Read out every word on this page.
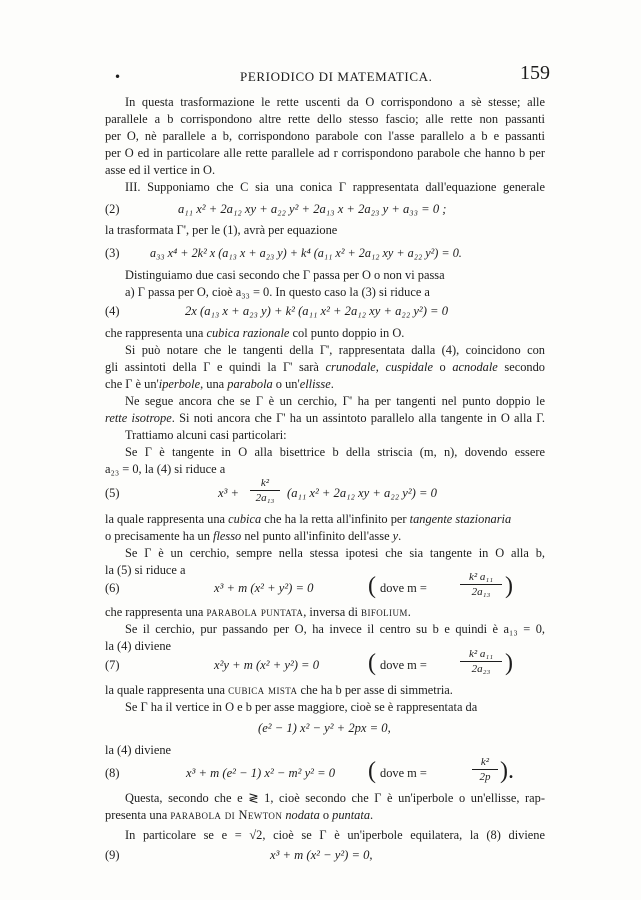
•	PERIODICO DI MATEMATICA.	159
In questa trasformazione le rette uscenti da O corrispondono a sè stesse; alle
parallele a b corrispondono altre rette dello stesso fascio; alle rette non passanti
per O, nè parallele a b, corrispondono parabole con l'asse parallelo a b e passanti
per O ed in particolare alle rette parallele ad r corrispondono parabole che hanno b per
asse ed il vertice in O.
III. Supponiamo che C sia una conica Γ rappresentata dall'equazione generale
(2)	a₁₁ x² + 2a₁₂ xy + a₂₂ y² + 2a₁₃ x + 2a₂₃ y + a₃₃ = 0 ;
la trasformata Γ', per le (1), avrà per equazione
(3)	a₃₃ x⁴ + 2k² x (a₁₃ x + a₂₃ y) + k⁴ (a₁₁ x² + 2a₁₂ xy + a₂₂ y²) = 0.
Distinguiamo due casi secondo che Γ passa per O o non vi passa
a) Γ passa per O, cioè a₃₃ = 0. In questo caso la (3) si riduce a
(4)	2x (a₁₃ x + a₂₃ y) + k² (a₁₁ x² + 2a₁₂ xy + a₂₂ y²) = 0
che rappresenta una cubica razionale col punto doppio in O.
Si può notare che le tangenti della Γ', rappresentata dalla (4), coincidono con
gli assintoti della Γ e quindi la Γ' sarà crunodale, cuspidale o acnodale secondo
che Γ è un'iperbole, una parabola o un'ellisse.
Ne segue ancora che se Γ è un cerchio, Γ' ha per tangenti nel punto doppio le
rette isotrope. Si noti ancora che Γ' ha un assintoto parallelo alla tangente in O alla Γ.
Trattiamo alcuni casi particolari:
Se Γ è tangente in O alla bisettrice b della striscia (m, n), dovendo essere
a₂₃ = 0, la (4) si riduce a
(5)	x³ +
k²
2a₁₃	(a₁₁ x² + 2a₁₂ xy + a₂₂ y²) = 0
la quale rappresenta una cubica che ha la retta all'infinito per tangente stazionaria
o precisamente ha un flesso nel punto all'infinito dell'asse y.
Se Γ è un cerchio, sempre nella stessa ipotesi che sia tangente in O alla b,
la (5) si riduce a
(6)	x³ + m (x² + y²) = 0 ( dove m =
k² a₁₁
2a₁₃ )
che rappresenta una parabola puntata, inversa di bifolium.
Se il cerchio, pur passando per O, ha invece il centro su b e quindi è a₁₃ = 0,
la (4) diviene
(7)	x²y + m (x² + y²) = 0 ( dove m =
k² a₁₁
2a₂₃ )
la quale rappresenta una cubica mista che ha b per asse di simmetria.
Se Γ ha il vertice in O e b per asse maggiore, cioè se è rappresentata da
(e² − 1) x² − y² + 2px = 0,
la (4) diviene
(8)	x³ + m (e² − 1) x² − m² y² = 0 ( dove m =
k²
2p ).
Questa, secondo che e ≷ 1, cioè secondo che Γ è un'iperbole o un'ellisse, rap-
presenta una parabola di Newton nodata o puntata.
In particolare se e = √2, cioè se Γ è un'iperbole equilatera, la (8) diviene
(9)	x³ + m (x² − y²) = 0,
